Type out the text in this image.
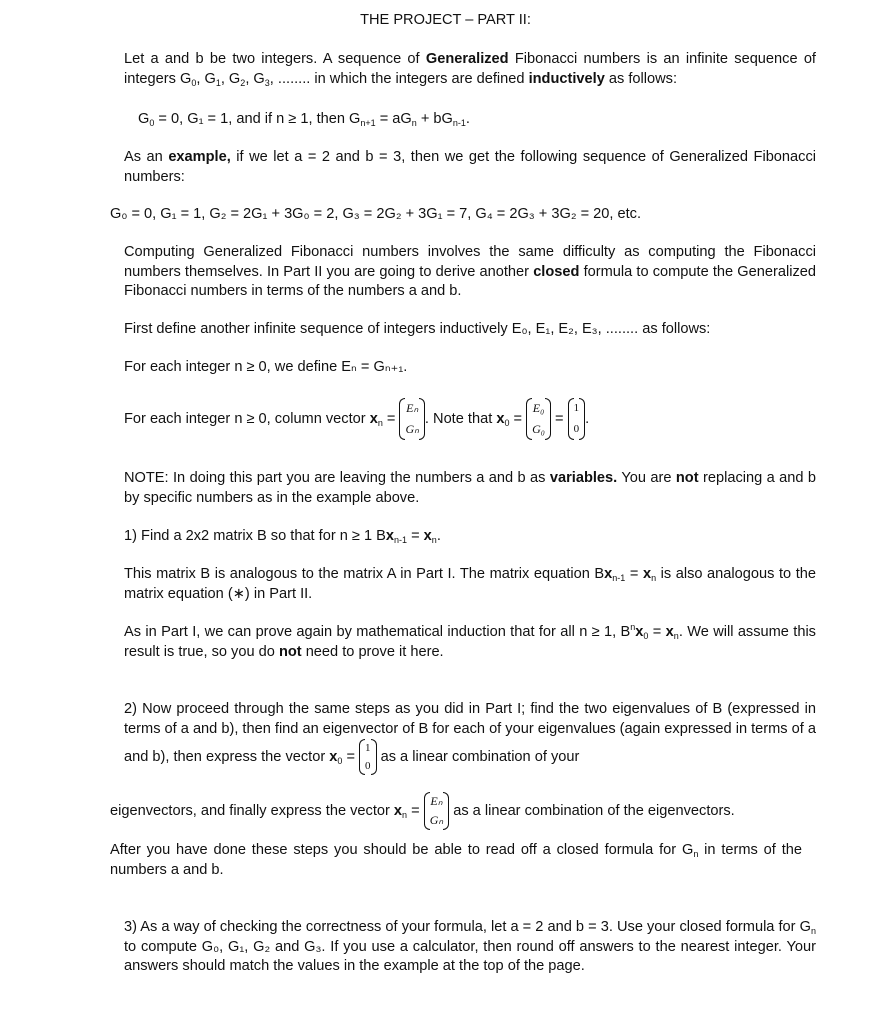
THE PROJECT – PART II:

Let a and b be two integers. A sequence of Generalized Fibonacci numbers is an infinite sequence of integers $G_0$, $G_1$, $G_2$, $G_3$, ........ in which the integers are defined inductively as follows:

$G_0 = 0$, G₁ = 1, and if n ≥ 1, then $G_{n+1} = aG_n + bG_{n-1}$.

As an example, if we let a = 2 and b = 3, then we get the following sequence of Generalized Fibonacci numbers:

G₀ = 0, G₁ = 1, G₂ = 2G₁ + 3G₀ = 2, G₃ = 2G₂ + 3G₁ = 7, G₄ = 2G₃ + 3G₂ = 20, etc.

Computing Generalized Fibonacci numbers involves the same difficulty as computing the Fibonacci numbers themselves. In Part II you are going to derive another closed formula to compute the Generalized Fibonacci numbers in terms of the numbers a and b.

First define another infinite sequence of integers inductively E₀, E₁, E₂, E₃, ........ as follows:

For each integer n ≥ 0, we define Eₙ = Gₙ₊₁.

For each integer n ≥ 0, column vector $x_n$ =
Eₙ
Gₙ
. Note that $x_0$ =
E₀
G₀
=
1
0
.

NOTE: In doing this part you are leaving the numbers a and b as variables. You are not replacing a and b by specific numbers as in the example above.

1) Find a 2x2 matrix B so that for n ≥ 1 $Bx_{n-1} = x_n$.

This matrix B is analogous to the matrix A in Part I. The matrix equation $Bx_{n-1} = x_n$ is also analogous to the matrix equation (∗) in Part II.

As in Part I, we can prove again by mathematical induction that for all n ≥ 1, $B^nx_0 = x_n$. We will assume this result is true, so you do not need to prove it here.

2) Now proceed through the same steps as you did in Part I; find the two eigenvalues of B (expressed in terms of a and b), then find an eigenvector of B for each of your eigenvalues (again expressed in terms of a and b), then express the vector $x_0$ =
1
0
as a linear combination of your

eigenvectors, and finally express the vector $x_n$ =
Eₙ
Gₙ
as a linear combination of the eigenvectors.

After you have done these steps you should be able to read off a closed formula for $G_n$ in terms of the numbers a and b.

3) As a way of checking the correctness of your formula, let a = 2 and b = 3. Use your closed formula for $G_n$ to compute G₀, G₁, G₂ and G₃. If you use a calculator, then round off answers to the nearest integer. Your answers should match the values in the example at the top of the page.
